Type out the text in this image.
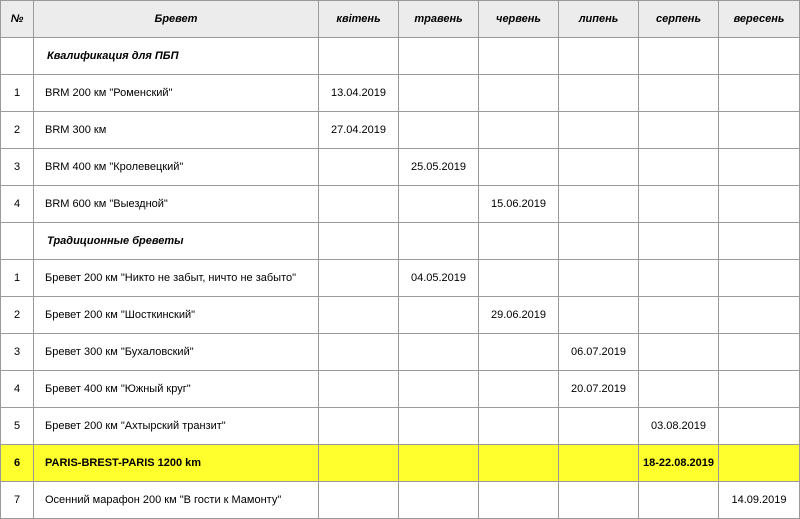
№	Бревет	квітень	травень	червень	липень	серпень	вересень
	Квалификация для ПБП						
1	BRM 200 км "Роменский"	13.04.2019					
2	BRM 300 км	27.04.2019					
3	BRM 400 км "Кролевецкий"		25.05.2019				
4	BRM 600 км "Выездной"			15.06.2019			
	Традиционные бреветы						
1	Бревет 200 км "Никто не забыт, ничто не забыто"		04.05.2019				
2	Бревет 200 км "Шосткинский"			29.06.2019			
3	Бревет 300 км "Бухаловский"				06.07.2019		
4	Бревет 400 км "Южный круг"				20.07.2019		
5	Бревет 200 км "Ахтырский транзит"					03.08.2019	
6	PARIS-BREST-PARIS 1200 km					18-22.08.2019	
7	Осенний марафон 200 км "В гости к Мамонту"						14.09.2019
